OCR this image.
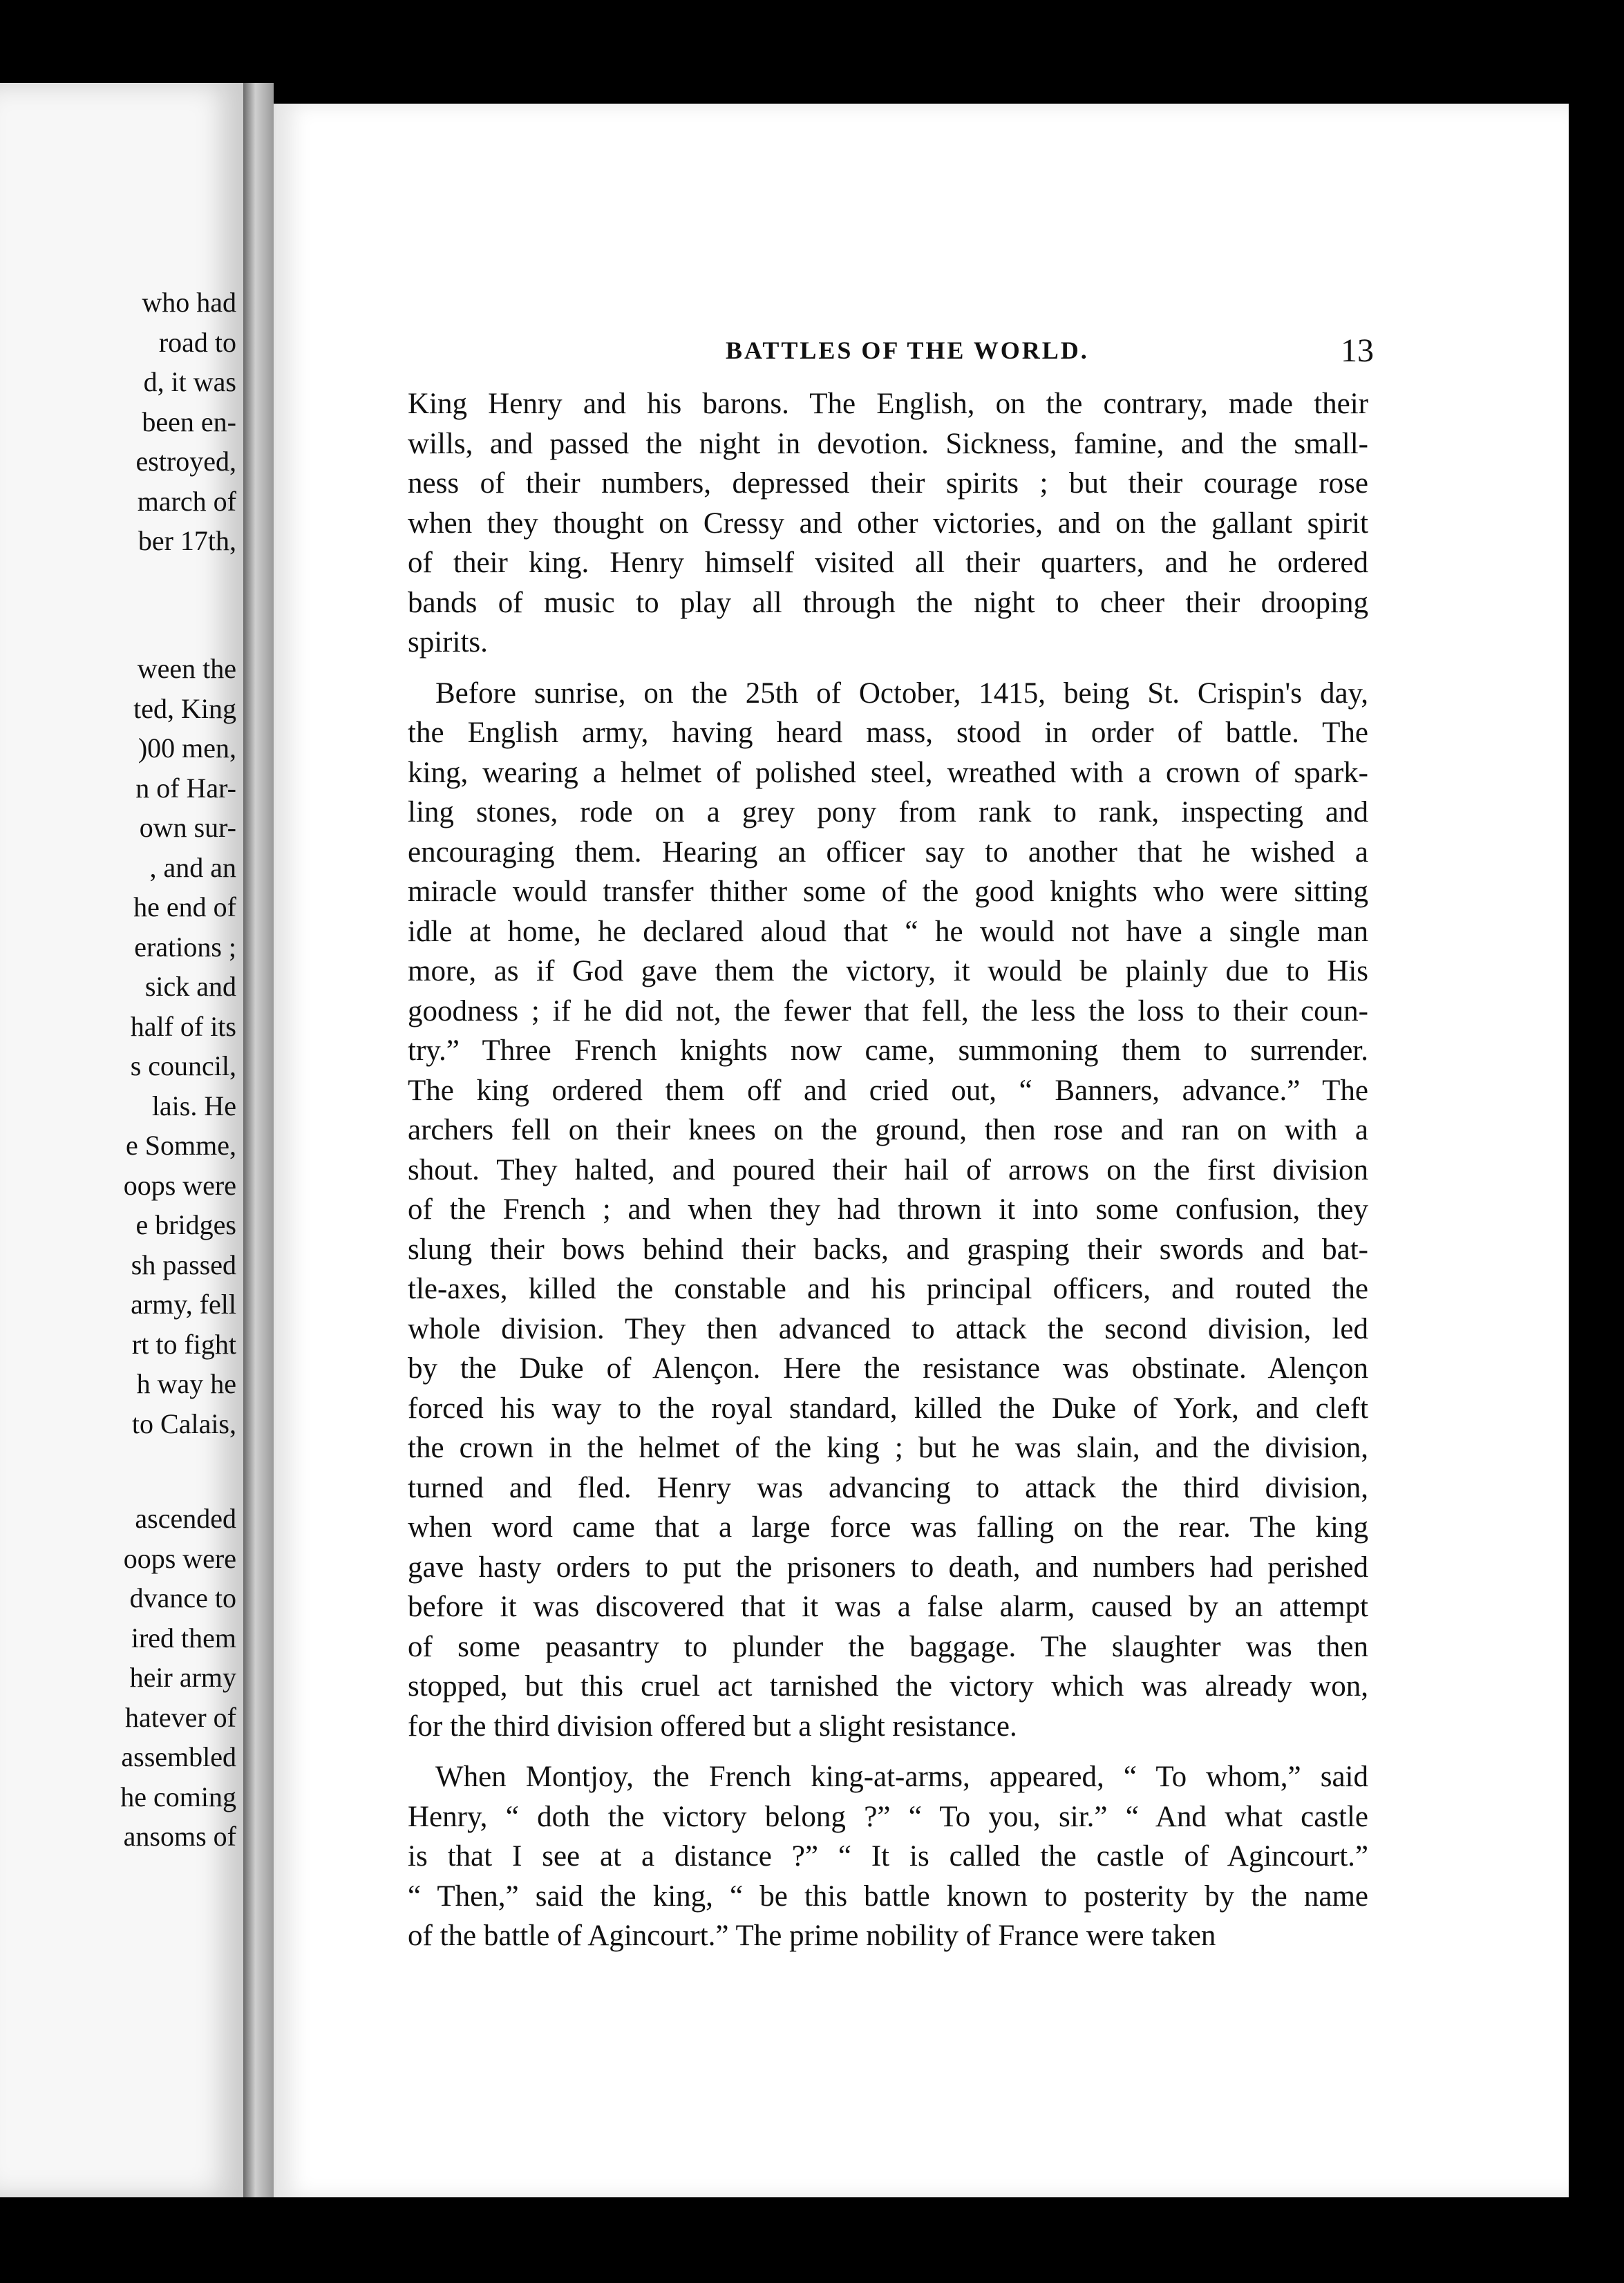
who had
road to
d, it was
been en-
estroyed,
march of
ber 17th,
ween the
ted, King
)00 men,
n of Har-
own sur-
, and an
he end of
erations ;
sick and
half of its
s council,
lais. He
e Somme,
oops were
e bridges
sh passed
army, fell
rt to fight
h way he
to Calais,
ascended
oops were
dvance to
ired them
heir army
hatever of
assembled
he coming
ansoms of
BATTLES OF THE WORLD.	13
King Henry and his barons. The English, on the contrary, made their
wills, and passed the night in devotion. Sickness, famine, and the small-
ness of their numbers, depressed their spirits ; but their courage rose
when they thought on Cressy and other victories, and on the gallant spirit
of their king. Henry himself visited all their quarters, and he ordered
bands of music to play all through the night to cheer their drooping
spirits.
Before sunrise, on the 25th of October, 1415, being St. Crispin's day,
the English army, having heard mass, stood in order of battle. The
king, wearing a helmet of polished steel, wreathed with a crown of spark-
ling stones, rode on a grey pony from rank to rank, inspecting and
encouraging them. Hearing an officer say to another that he wished a
miracle would transfer thither some of the good knights who were sitting
idle at home, he declared aloud that “ he would not have a single man
more, as if God gave them the victory, it would be plainly due to His
goodness ; if he did not, the fewer that fell, the less the loss to their coun-
try.” Three French knights now came, summoning them to surrender.
The king ordered them off and cried out, “ Banners, advance.” The
archers fell on their knees on the ground, then rose and ran on with a
shout. They halted, and poured their hail of arrows on the first division
of the French ; and when they had thrown it into some confusion, they
slung their bows behind their backs, and grasping their swords and bat-
tle-axes, killed the constable and his principal officers, and routed the
whole division. They then advanced to attack the second division, led
by the Duke of Alençon. Here the resistance was obstinate. Alençon
forced his way to the royal standard, killed the Duke of York, and cleft
the crown in the helmet of the king ; but he was slain, and the division,
turned and fled. Henry was advancing to attack the third division,
when word came that a large force was falling on the rear. The king
gave hasty orders to put the prisoners to death, and numbers had perished
before it was discovered that it was a false alarm, caused by an attempt
of some peasantry to plunder the baggage. The slaughter was then
stopped, but this cruel act tarnished the victory which was already won,
for the third division offered but a slight resistance.
When Montjoy, the French king-at-arms, appeared, “ To whom,” said
Henry, “ doth the victory belong ?” “ To you, sir.” “ And what castle
is that I see at a distance ?” “ It is called the castle of Agincourt.”
“ Then,” said the king, “ be this battle known to posterity by the name
of the battle of Agincourt.” The prime nobility of France were taken
